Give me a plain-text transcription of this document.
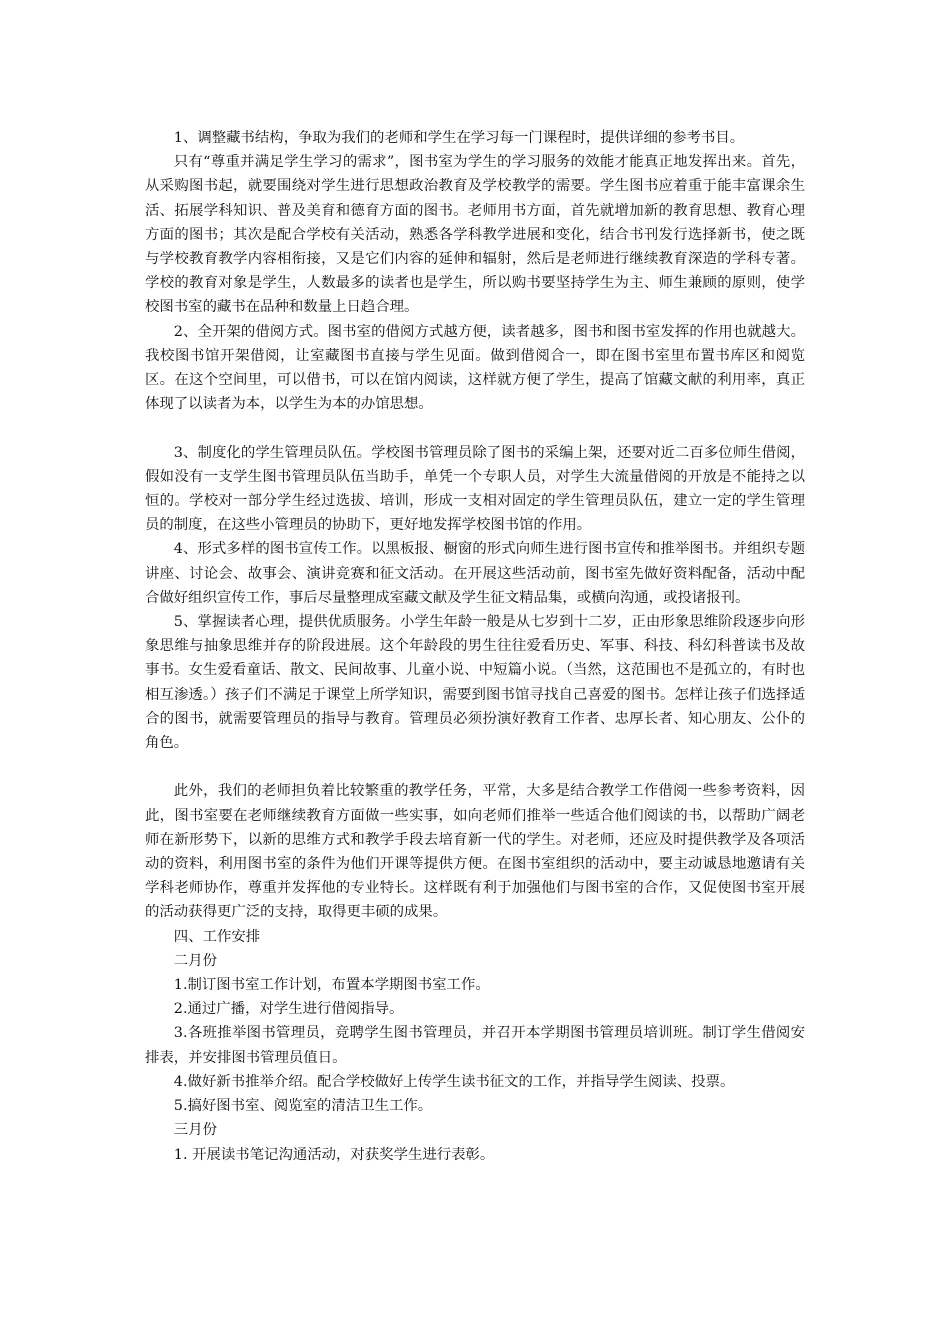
1、调整藏书结构，争取为我们的老师和学生在学习每一门课程时，提供详细的参考书目。

只有“尊重并满足学生学习的需求”，图书室为学生的学习服务的效能才能真正地发挥出来。首先，从采购图书起，就要围绕对学生进行思想政治教育及学校教学的需要。学生图书应着重于能丰富课余生活、拓展学科知识、普及美育和德育方面的图书。老师用书方面，首先就增加新的教育思想、教育心理方面的图书；其次是配合学校有关活动，熟悉各学科教学进展和变化，结合书刊发行选择新书，使之既与学校教育教学内容相衔接，又是它们内容的延伸和辐射，然后是老师进行继续教育深造的学科专著。学校的教育对象是学生，人数最多的读者也是学生，所以购书要坚持学生为主、师生兼顾的原则，使学校图书室的藏书在品种和数量上日趋合理。

2、全开架的借阅方式。图书室的借阅方式越方便，读者越多，图书和图书室发挥的作用也就越大。我校图书馆开架借阅，让室藏图书直接与学生见面。做到借阅合一，即在图书室里布置书库区和阅览区。在这个空间里，可以借书，可以在馆内阅读，这样就方便了学生，提高了馆藏文献的利用率，真正体现了以读者为本，以学生为本的办馆思想。

3、制度化的学生管理员队伍。学校图书管理员除了图书的采编上架，还要对近二百多位师生借阅，假如没有一支学生图书管理员队伍当助手，单凭一个专职人员，对学生大流量借阅的开放是不能持之以恒的。学校对一部分学生经过选拔、培训，形成一支相对固定的学生管理员队伍，建立一定的学生管理员的制度，在这些小管理员的协助下，更好地发挥学校图书馆的作用。

4、形式多样的图书宣传工作。以黑板报、橱窗的形式向师生进行图书宣传和推举图书。并组织专题讲座、讨论会、故事会、演讲竞赛和征文活动。在开展这些活动前，图书室先做好资料配备，活动中配合做好组织宣传工作，事后尽量整理成室藏文献及学生征文精品集，或横向沟通，或投诸报刊。

5、掌握读者心理，提供优质服务。小学生年龄一般是从七岁到十二岁，正由形象思维阶段逐步向形象思维与抽象思维并存的阶段进展。这个年龄段的男生往往爱看历史、军事、科技、科幻科普读书及故事书。女生爱看童话、散文、民间故事、儿童小说、中短篇小说。（当然，这范围也不是孤立的，有时也相互渗透。）孩子们不满足于课堂上所学知识，需要到图书馆寻找自己喜爱的图书。怎样让孩子们选择适合的图书，就需要管理员的指导与教育。管理员必须扮演好教育工作者、忠厚长者、知心朋友、公仆的角色。

此外，我们的老师担负着比较繁重的教学任务，平常，大多是结合教学工作借阅一些参考资料，因此，图书室要在老师继续教育方面做一些实事，如向老师们推举一些适合他们阅读的书，以帮助广阔老师在新形势下，以新的思维方式和教学手段去培育新一代的学生。对老师，还应及时提供教学及各项活动的资料，利用图书室的条件为他们开课等提供方便。在图书室组织的活动中，要主动诚恳地邀请有关学科老师协作，尊重并发挥他的专业特长。这样既有利于加强他们与图书室的合作，又促使图书室开展的活动获得更广泛的支持，取得更丰硕的成果。

四、工作安排

二月份

1.制订图书室工作计划，布置本学期图书室工作。

2.通过广播，对学生进行借阅指导。

3.各班推举图书管理员，竞聘学生图书管理员，并召开本学期图书管理员培训班。制订学生借阅安排表，并安排图书管理员值日。

4.做好新书推举介绍。配合学校做好上传学生读书征文的工作，并指导学生阅读、投票。

5.搞好图书室、阅览室的清洁卫生工作。

三月份

1. 开展读书笔记沟通活动，对获奖学生进行表彰。
